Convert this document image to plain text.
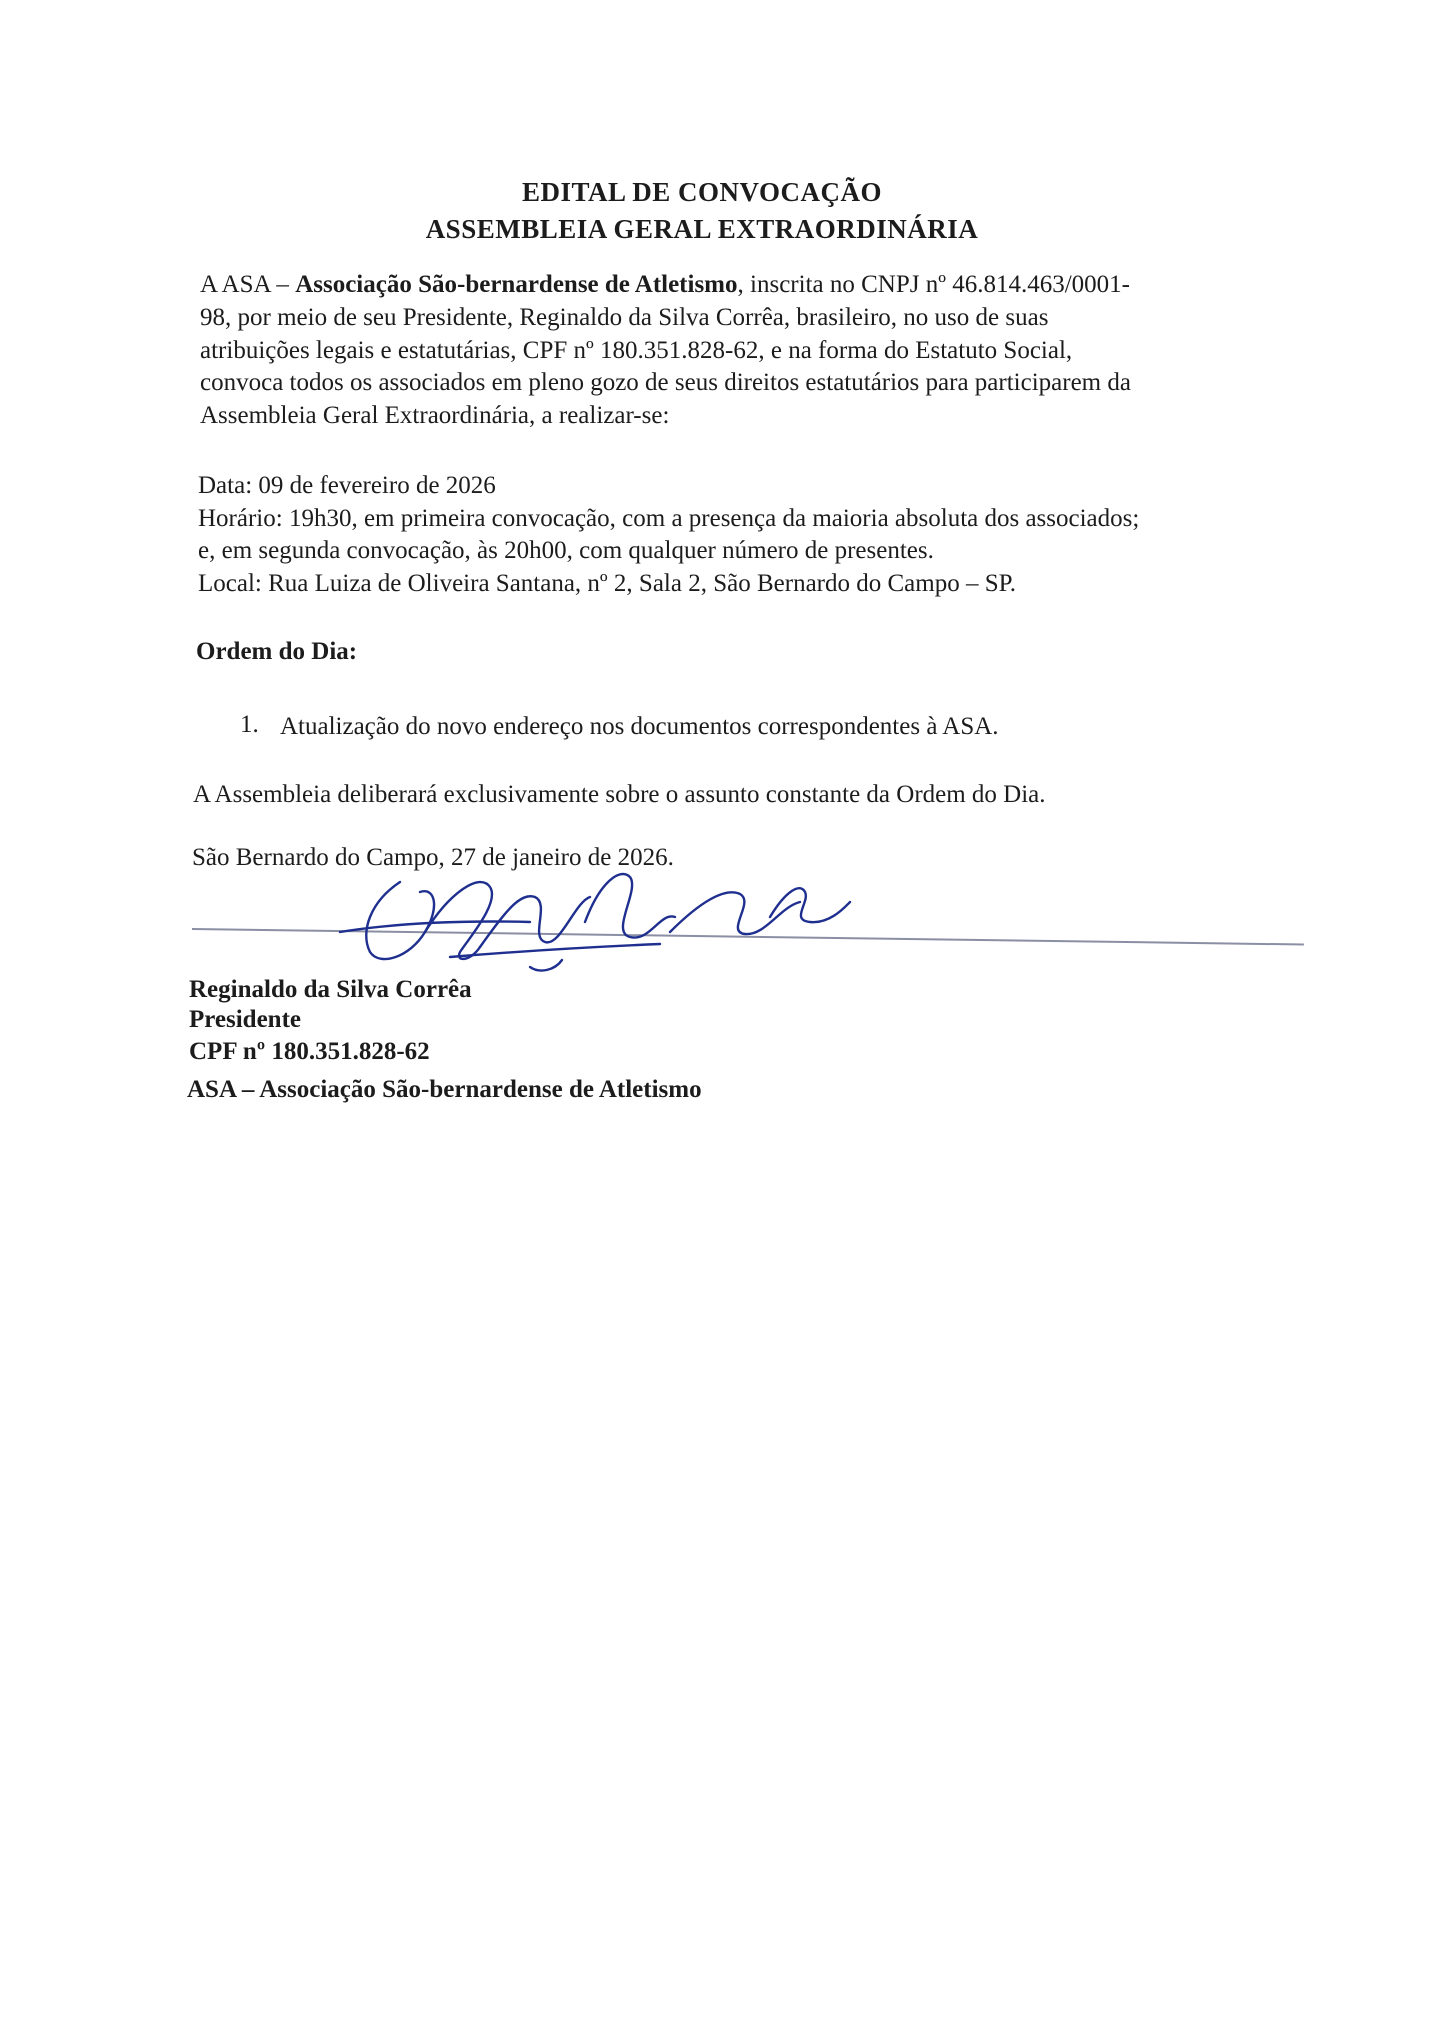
EDITAL DE CONVOCAÇÃO
ASSEMBLEIA GERAL EXTRAORDINÁRIA

A ASA – Associação São-bernardense de Atletismo, inscrita no CNPJ nº 46.814.463/0001-

98, por meio de seu Presidente, Reginaldo da Silva Corrêa, brasileiro, no uso de suas

atribuições legais e estatutárias, CPF nº 180.351.828-62, e na forma do Estatuto Social,

convoca todos os associados em pleno gozo de seus direitos estatutários para participarem da

Assembleia Geral Extraordinária, a realizar-se:

Data: 09 de fevereiro de 2026

Horário: 19h30, em primeira convocação, com a presença da maioria absoluta dos associados;

e, em segunda convocação, às 20h00, com qualquer número de presentes.

Local: Rua Luiza de Oliveira Santana, nº 2, Sala 2, São Bernardo do Campo – SP.

Ordem do Dia:

1. Atualização do novo endereço nos documentos correspondentes à ASA.

A Assembleia deliberará exclusivamente sobre o assunto constante da Ordem do Dia.

São Bernardo do Campo, 27 de janeiro de 2026.

Reginaldo da Silva Corrêa

Presidente

CPF nº 180.351.828-62

ASA – Associação São-bernardense de Atletismo
